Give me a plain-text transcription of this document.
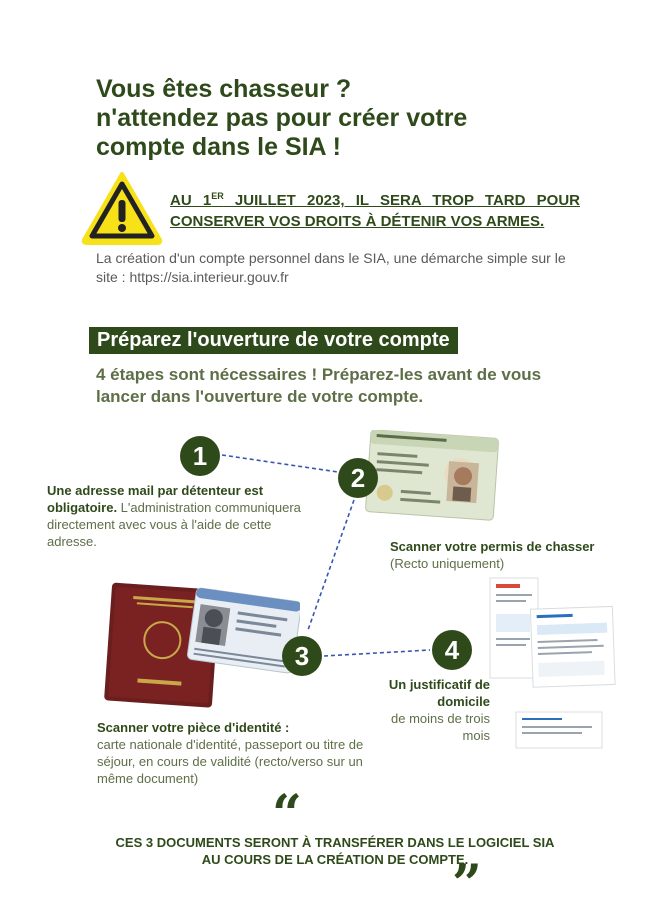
Vous êtes chasseur ?
n'attendez pas pour créer votre
compte dans le SIA !
AU 1ER JUILLET 2023, IL SERA TROP TARD POUR CONSERVER VOS DROITS À DÉTENIR VOS ARMES.

La création d'un compte personnel dans le SIA, une démarche simple sur le site : https://sia.interieur.gouv.fr

Préparez l'ouverture de votre compte

4 étapes sont nécessaires ! Préparez-les avant de vous lancer dans l'ouverture de votre compte.

1
2
3	4
Une adresse mail par détenteur est obligatoire. L'administration communiquera directement avec vous à l'aide de cette adresse.	Scanner votre permis de chasser
(Recto uniquement)
Scanner votre pièce d'identité :
carte nationale d'identité, passeport ou titre de séjour, en cours de validité (recto/verso sur un même document)
Un justificatif de domicile
de moins de trois mois
“
CES 3 DOCUMENTS SERONT À TRANSFÉRER DANS LE LOGICIEL SIA
AU COURS DE LA CRÉATION DE COMPTE.
”
